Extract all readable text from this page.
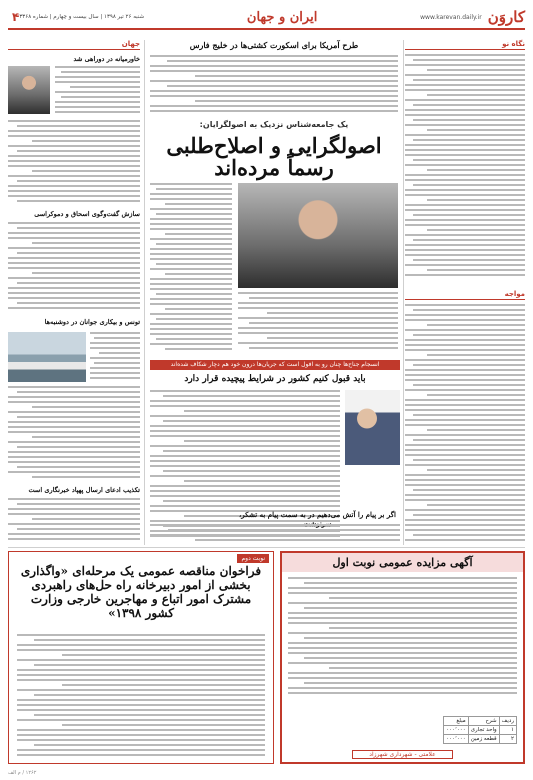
کاروَن
www.karevan.daily.ir
ایران و جهان
شنبه ۲۶ تیر ۱۳۹۸ | سال بیست و چهارم | شماره ۳۳۶۸
۴
نگاه نو
مواجه
طرح آمریکا برای اسکورت کشتی‌ها در خلیج فارس
یک جامعه‌شناس نزدیک به اصولگرایان:
اصولگرایی و اصلاح‌طلبی رسماً مرده‌اند
انسجام جناح‌ها چنان رو به افول است که جریان‌ها درون خود هم دچار شکاف شده‌اند
باید قبول کنیم کشور در شرایط پیچیده قرار دارد
اگر بر پیام را آتش می‌دهیم در به سمت پیام به تشکر،
جهان
خاورمیانه در دوراهی شد
سازش گفت‌وگوی اسحاق و دموکراسی
تونس و بیکاری جوانان در دوشنبه‌ها
تکذیب ادعای ارسال پهپاد خبرنگاری است
نوبت دوم
فراخوان مناقصه عمومی یک مرحله‌ای «واگذاری بخشی از امور دبیرخانه راه حل‌های راهبردی مشترک امور اتباع و مهاجرین خارجی وزارت کشور ۱۳۹۸»
آگهی مزایده عمومی نوبت اول
ردیف	شرح	مبلغ
۱	واحد تجاری	۰۰۰٬۰۰۰
۲	قطعه زمین	۰۰۰٬۰۰۰
علامتی - شهرداری شهرزاد
۱۲۶۲ / م الف
